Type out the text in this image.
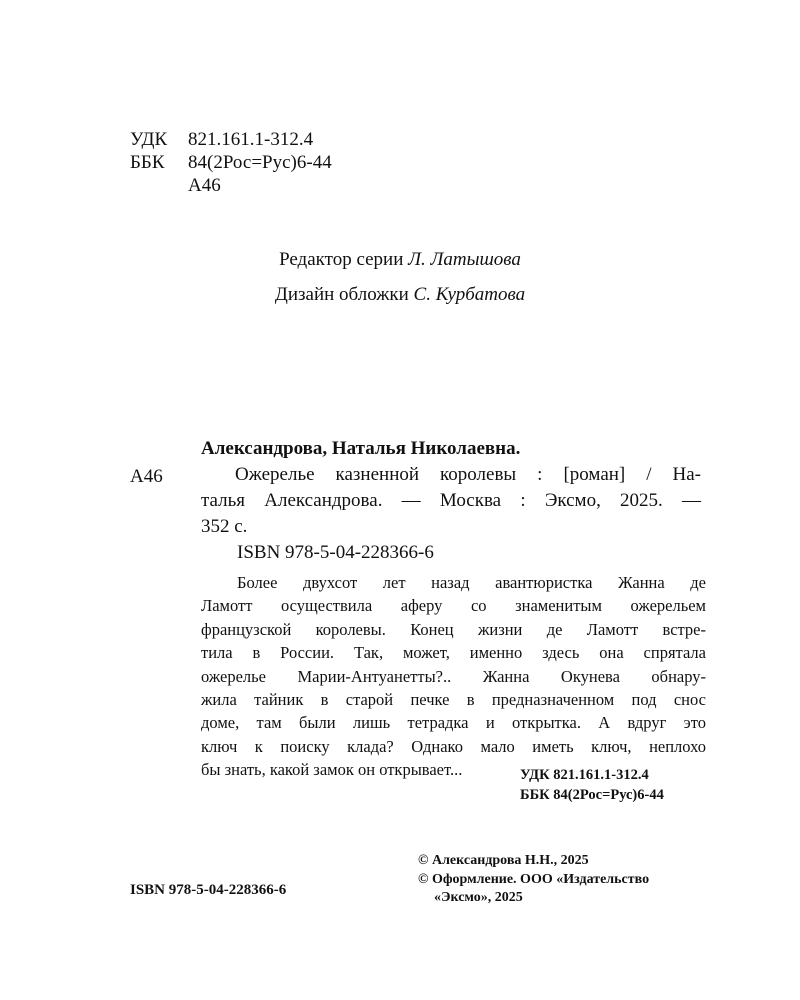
УДК	821.161.1-312.4
ББК	84(2Рос=Рус)6-44
А46
Редактор серии Л. Латышова
Дизайн обложки С. Курбатова
Александрова, Наталья Николаевна.
А46	Ожерелье казненной королевы : [роман] / На-
талья Александрова. — Москва : Эксмо, 2025. —
352 с.
ISBN 978-5-04-228366-6
Более двухсот лет назад авантюристка Жанна де
Ламотт осуществила аферу со знаменитым ожерельем
французской королевы. Конец жизни де Ламотт встре-
тила в России. Так, может, именно здесь она спрятала
ожерелье Марии-Антуанетты?.. Жанна Окунева обнару-
жила тайник в старой печке в предназначенном под снос
доме, там были лишь тетрадка и открытка. А вдруг это
ключ к поиску клада? Однако мало иметь ключ, неплохо
бы знать, какой замок он открывает...	УДК 821.161.1-312.4
ББК 84(2Рос=Рус)6-44
ISBN 978-5-04-228366-6
© Александрова Н.Н., 2025
© Оформление. ООО «Издательство
«Эксмо», 2025
